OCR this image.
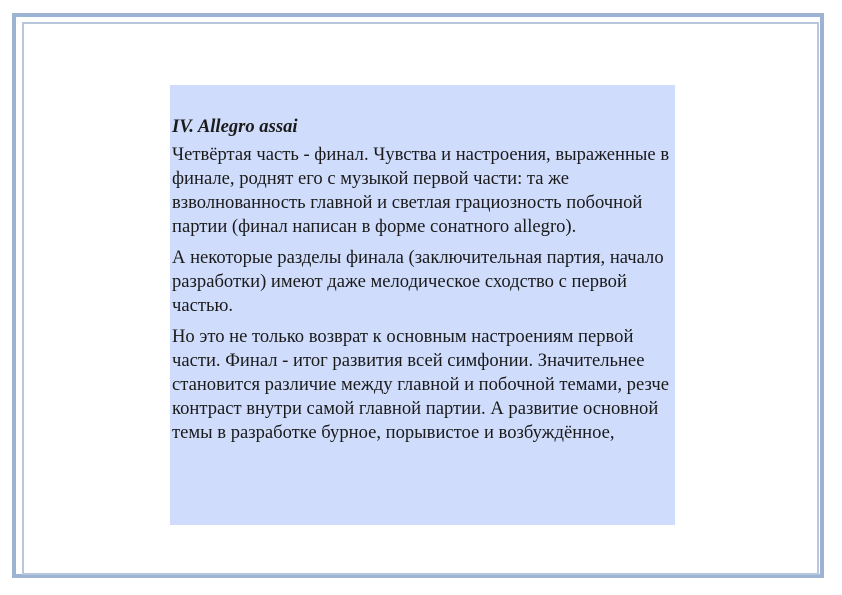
IV. Allegro assai

Четвёртая часть - финал. Чувства и настроения, выраженные в финале, роднят его с музыкой первой части: та же взволнованность главной и светлая грациозность побочной партии (финал написан в форме сонатного allegro).

А некоторые разделы финала (заключительная партия, начало разработки) имеют даже мелодическое сходство с первой частью.

Но это не только возврат к основным настроениям первой части. Финал - итог развития всей симфонии. Значительнее становится различие между главной и побочной темами, резче контраст внутри самой главной партии. А развитие основной темы в разработке бурное, порывистое и возбуждённое,
